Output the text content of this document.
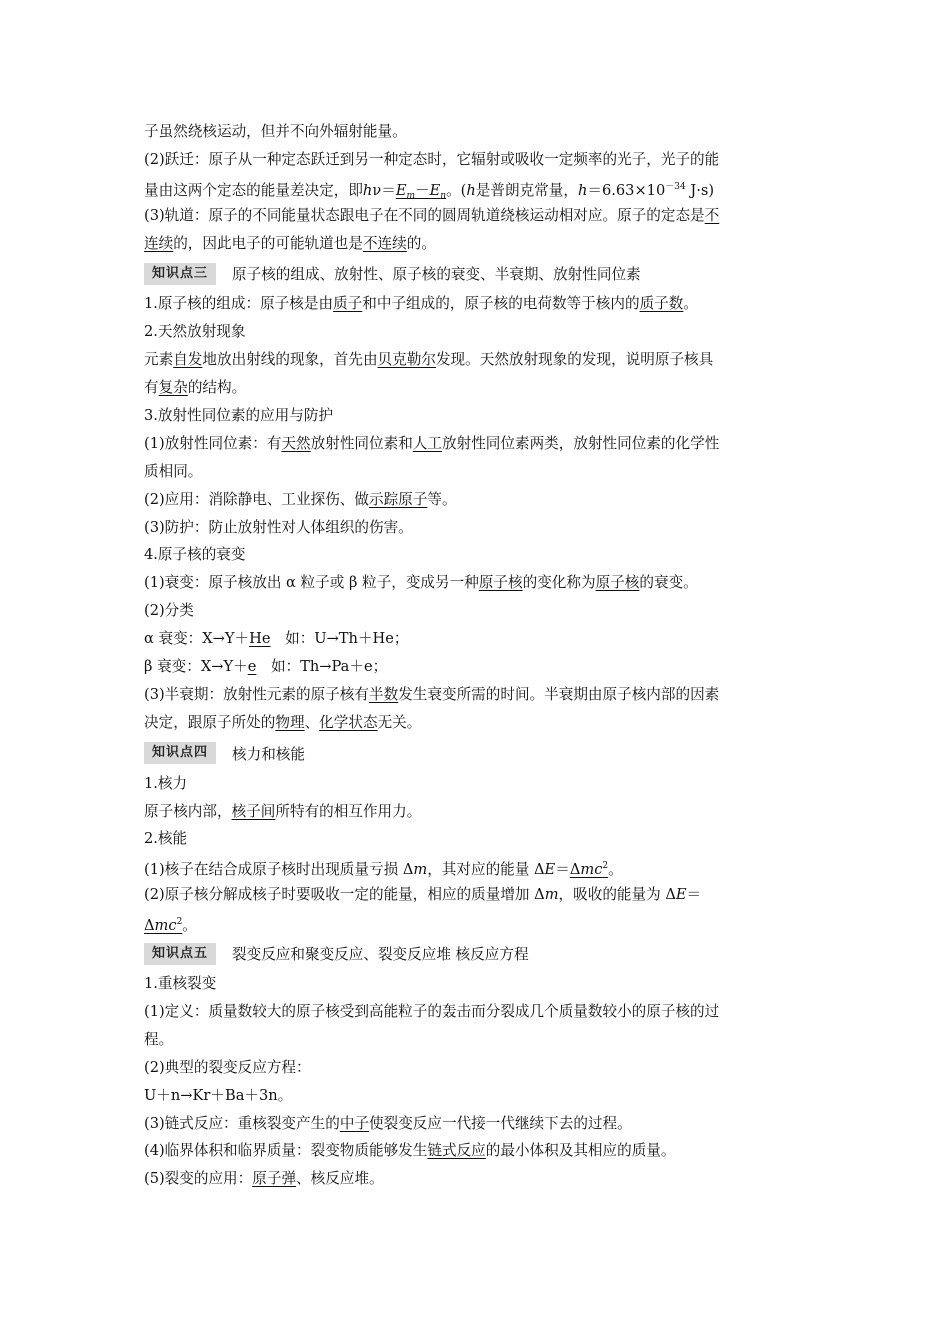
子虽然绕核运动，但并不向外辐射能量。
(2)跃迁：原子从一种定态跃迁到另一种定态时，它辐射或吸收一定频率的光子，光子的能
量由这两个定态的能量差决定，即$h\nu=E_m-E_n$。(h是普朗克常量，$h=6.63\times 10^{-34}$ J·s)
(3)轨道：原子的不同能量状态跟电子在不同的圆周轨道绕核运动相对应。原子的定态是不
连续的，因此电子的可能轨道也是不连续的。
知识点三	原子核的组成、放射性、原子核的衰变、半衰期、放射性同位素
1.原子核的组成：原子核是由质子和中子组成的，原子核的电荷数等于核内的质子数。
2.天然放射现象
元素自发地放出射线的现象，首先由贝克勒尔发现。天然放射现象的发现，说明原子核具
有复杂的结构。
3.放射性同位素的应用与防护
(1)放射性同位素：有天然放射性同位素和人工放射性同位素两类，放射性同位素的化学性
质相同。
(2)应用：消除静电、工业探伤、做示踪原子等。
(3)防护：防止放射性对人体组织的伤害。
4.原子核的衰变
(1)衰变：原子核放出 α 粒子或 β 粒子，变成另一种原子核的变化称为原子核的衰变。
(2)分类
α 衰变：X→Y＋He　如：U→Th＋He；
β 衰变：X→Y＋e　如：Th→Pa＋e；
(3)半衰期：放射性元素的原子核有半数发生衰变所需的时间。半衰期由原子核内部的因素
决定，跟原子所处的物理、化学状态无关。
知识点四	核力和核能
1.核力
原子核内部，核子间所特有的相互作用力。
2.核能
(1)核子在结合成原子核时出现质量亏损 Δm，其对应的能量 ΔE＝Δmc$^2$。
(2)原子核分解成核子时要吸收一定的能量，相应的质量增加 Δm，吸收的能量为 ΔE＝
Δmc$^2$。
知识点五	裂变反应和聚变反应、裂变反应堆 核反应方程
1.重核裂变
(1)定义：质量数较大的原子核受到高能粒子的轰击而分裂成几个质量数较小的原子核的过
程。
(2)典型的裂变反应方程：
U＋n→Kr＋Ba＋3n。
(3)链式反应：重核裂变产生的中子使裂变反应一代接一代继续下去的过程。
(4)临界体积和临界质量：裂变物质能够发生链式反应的最小体积及其相应的质量。
(5)裂变的应用：原子弹、核反应堆。
